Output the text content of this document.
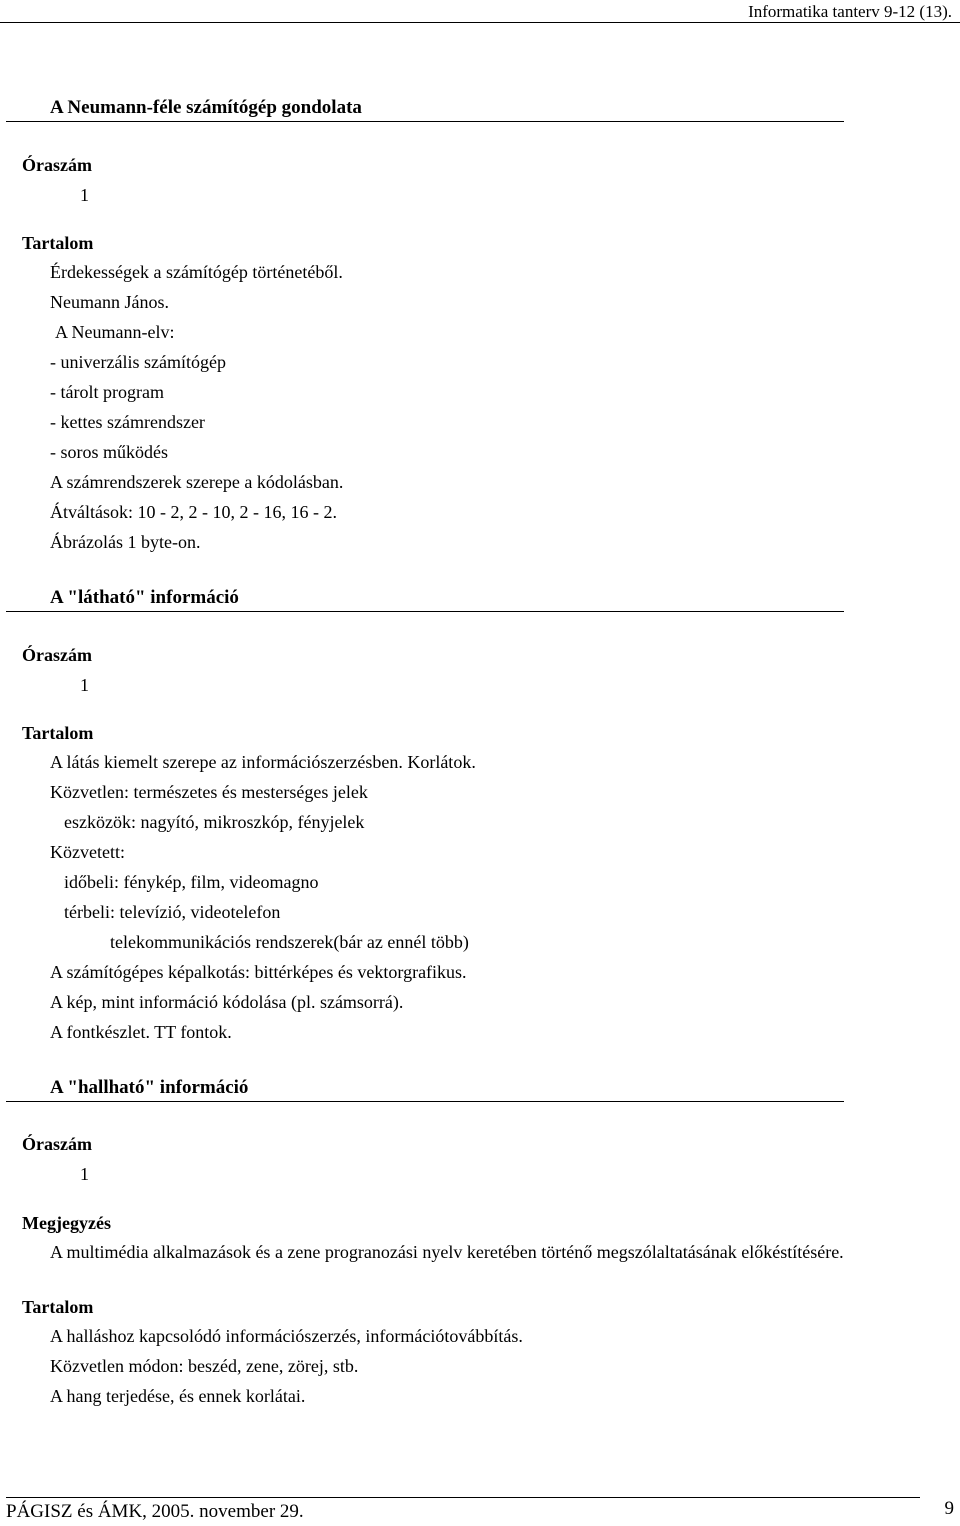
Informatika tanterv 9-12 (13).
A Neumann-féle számítógép gondolata
Óraszám
1
Tartalom
Érdekességek a számítógép történetéből.
Neumann János.
A Neumann-elv:
- univerzális számítógép
- tárolt program
- kettes számrendszer
- soros működés
A számrendszerek szerepe a kódolásban.
Átváltások: 10 - 2, 2 - 10, 2 - 16, 16 - 2.
Ábrázolás 1 byte-on.
A "látható" információ
Óraszám
1
Tartalom
A látás kiemelt szerepe az információszerzésben. Korlátok.
Közvetlen: természetes és mesterséges jelek
eszközök: nagyító, mikroszkóp, fényjelek
Közvetett:
időbeli: fénykép, film, videomagno
térbeli: televízió, videotelefon
telekommunikációs rendszerek(bár az ennél több)
A számítógépes képalkotás: bittérképes és vektorgrafikus.
A kép, mint információ kódolása (pl. számsorrá).
A fontkészlet. TT fontok.
A "hallható" információ
Óraszám
1
Megjegyzés
A multimédia alkalmazások és a zene progranozási nyelv keretében történő megszólaltatásának előkéstítésére.
Tartalom
A halláshoz kapcsolódó információszerzés, információtovábbítás.
Közvetlen módon: beszéd, zene, zörej, stb.
A hang terjedése, és ennek korlátai.
PÁGISZ és ÁMK, 2005. november 29.	9
